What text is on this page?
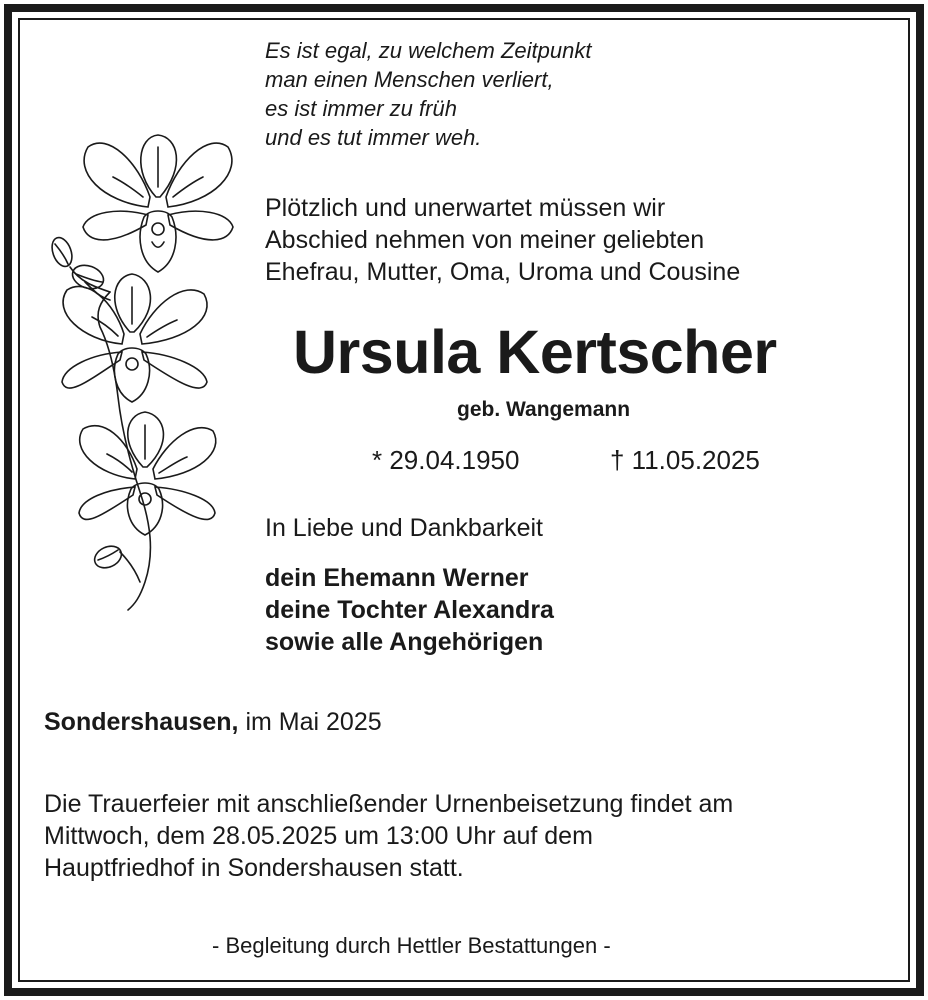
Es ist egal, zu welchem Zeitpunkt
man einen Menschen verliert,
es ist immer zu früh
und es tut immer weh.
Plötzlich und unerwartet müssen wir
Abschied nehmen von meiner geliebten
Ehefrau, Mutter, Oma, Uroma und Cousine
Ursula Kertscher
geb. Wangemann
* 29.04.1950	† 11.05.2025
In Liebe und Dankbarkeit
dein Ehemann Werner
deine Tochter Alexandra
sowie alle Angehörigen
Sondershausen, im Mai 2025
Die Trauerfeier mit anschließender Urnenbeisetzung findet am
Mittwoch, dem 28.05.2025 um 13:00 Uhr auf dem
Hauptfriedhof in Sondershausen statt.
- Begleitung durch Hettler Bestattungen -
